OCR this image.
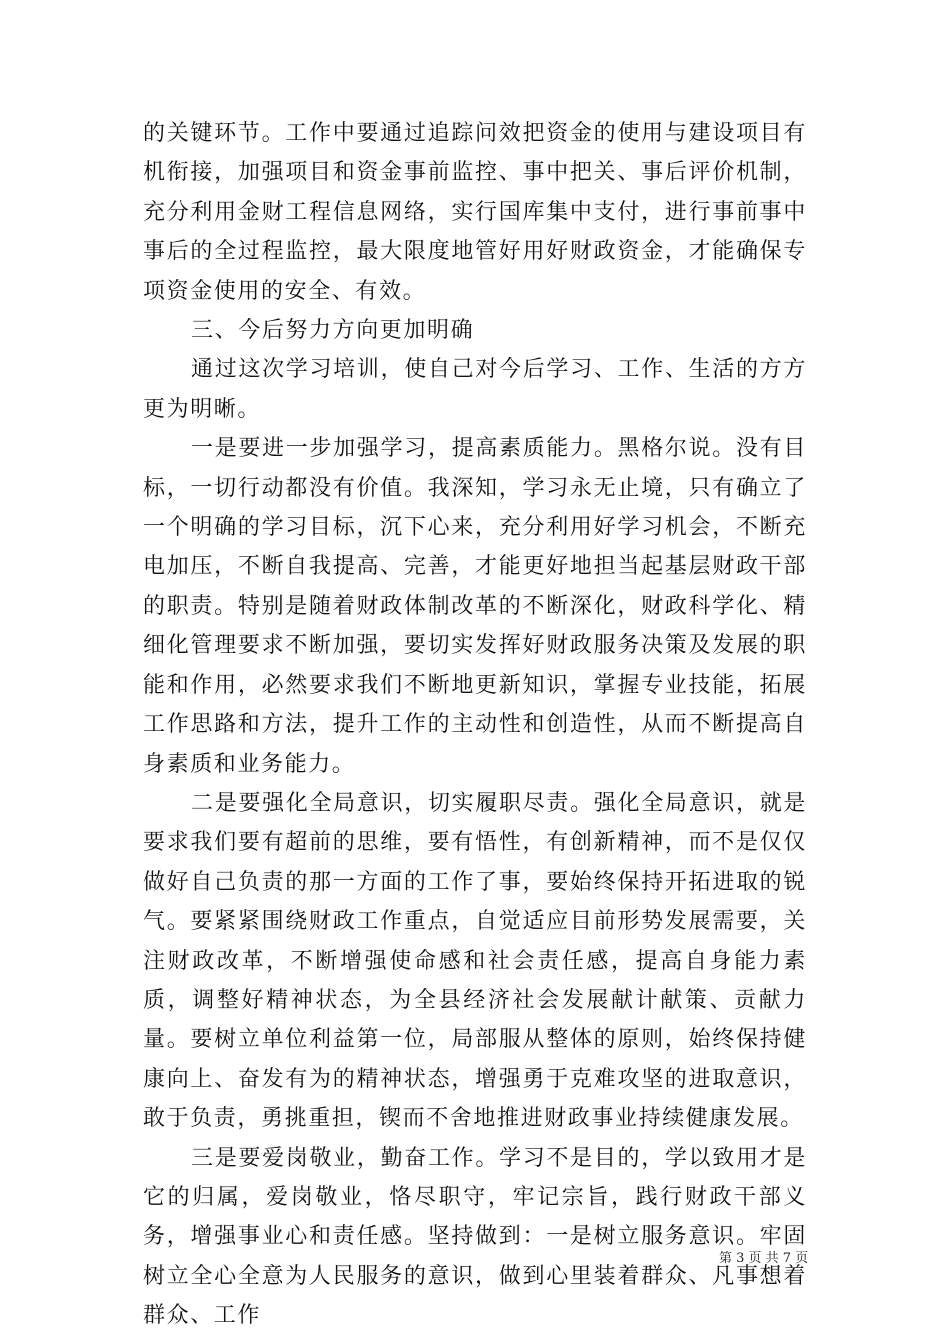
的关键环节。工作中要通过追踪问效把资金的使用与建设项目有机衔接，加强项目和资金事前监控、事中把关、事后评价机制，充分利用金财工程信息网络，实行国库集中支付，进行事前事中事后的全过程监控，最大限度地管好用好财政资金，才能确保专项资金使用的安全、有效。

三、今后努力方向更加明确

通过这次学习培训，使自己对今后学习、工作、生活的方方更为明晰。

一是要进一步加强学习，提高素质能力。黑格尔说。没有目标，一切行动都没有价值。我深知，学习永无止境，只有确立了一个明确的学习目标，沉下心来，充分利用好学习机会，不断充电加压，不断自我提高、完善，才能更好地担当起基层财政干部的职责。特别是随着财政体制改革的不断深化，财政科学化、精细化管理要求不断加强，要切实发挥好财政服务决策及发展的职能和作用，必然要求我们不断地更新知识，掌握专业技能，拓展工作思路和方法，提升工作的主动性和创造性，从而不断提高自身素质和业务能力。

二是要强化全局意识，切实履职尽责。强化全局意识，就是要求我们要有超前的思维，要有悟性，有创新精神，而不是仅仅做好自己负责的那一方面的工作了事，要始终保持开拓进取的锐气。要紧紧围绕财政工作重点，自觉适应目前形势发展需要，关注财政改革，不断增强使命感和社会责任感，提高自身能力素质，调整好精神状态，为全县经济社会发展献计献策、贡献力量。要树立单位利益第一位，局部服从整体的原则，始终保持健康向上、奋发有为的精神状态，增强勇于克难攻坚的进取意识，敢于负责，勇挑重担，锲而不舍地推进财政事业持续健康发展。

三是要爱岗敬业，勤奋工作。学习不是目的，学以致用才是它的归属，爱岗敬业，恪尽职守，牢记宗旨，践行财政干部义务，增强事业心和责任感。坚持做到：一是树立服务意识。牢固树立全心全意为人民服务的意识，做到心里装着群众、凡事想着群众、工作

第 3 页 共 7 页
